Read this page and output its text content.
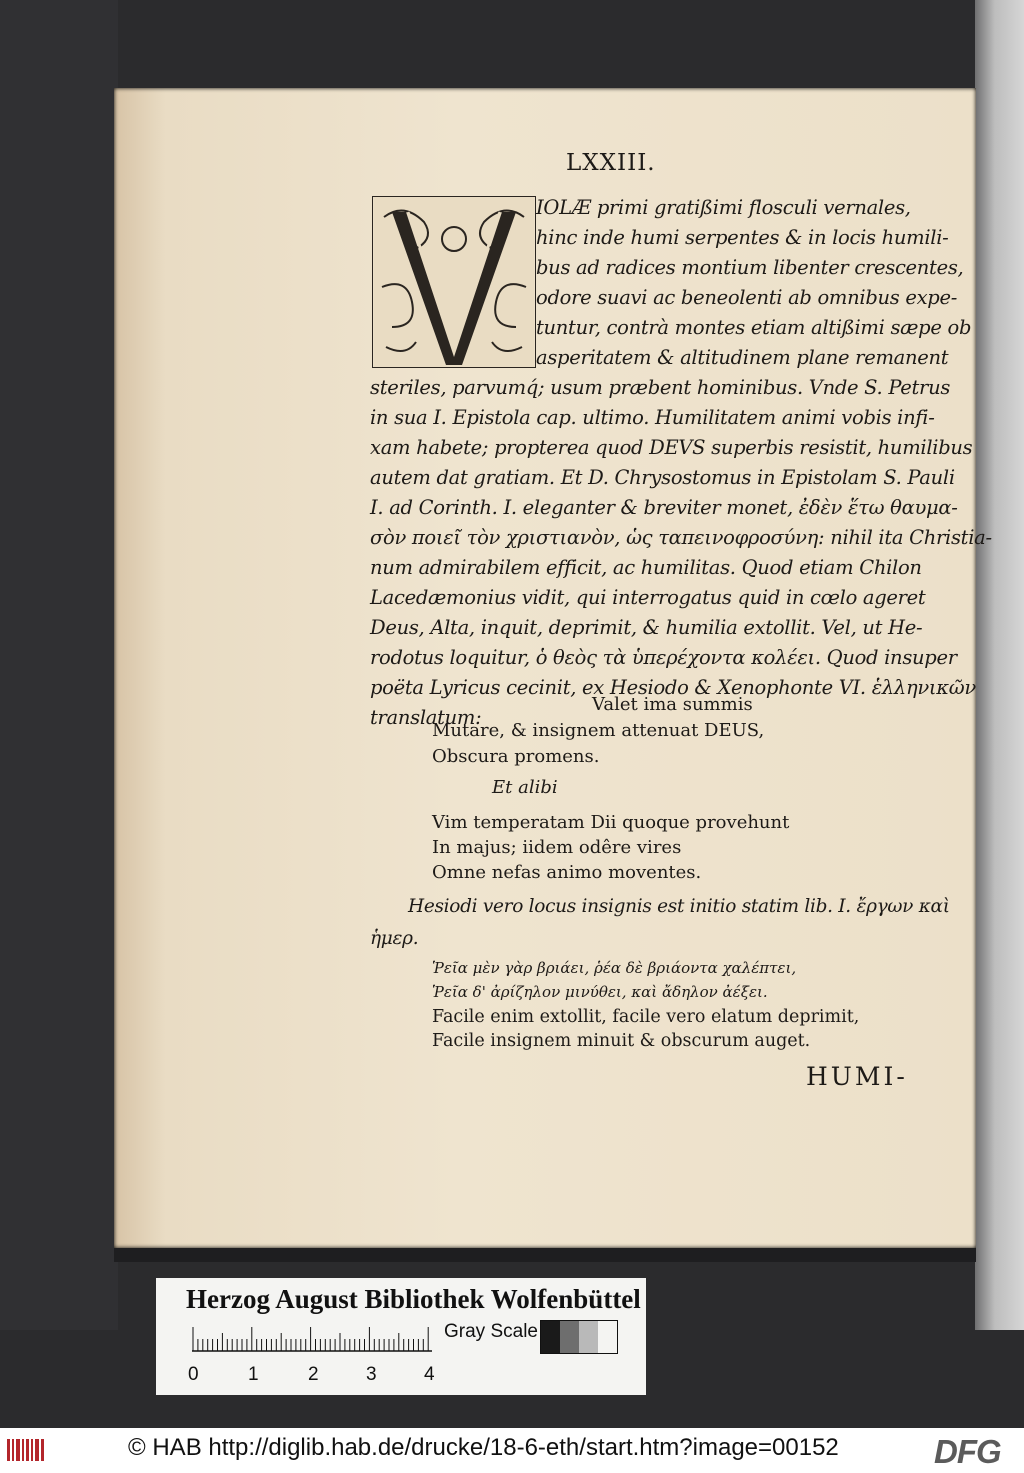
LXXIII.
IOLÆ primi gratißimi flosculi vernales,
hinc inde humi serpentes & in locis humili-
bus ad radices montium libenter crescentes,
odore suavi ac beneolenti ab omnibus expe-
tuntur, contrà montes etiam altißimi sæpe ob
asperitatem & altitudinem plane remanent
steriles, parvumq́; usum præbent hominibus. Vnde S. Petrus
in sua I. Epistola cap. ultimo. Humilitatem animi vobis infi-
xam habete; propterea quod DEVS superbis resistit, humilibus
autem dat gratiam. Et D. Chrysostomus in Epistolam S. Pauli
I. ad Corinth. I. eleganter & breviter monet, ἐδὲν ἕτω θαυμα-
σὸν ποιεῖ τὸν χριστιανὸν, ὡς ταπεινοφροσύνη: nihil ita Christia-
num admirabilem efficit, ac humilitas. Quod etiam Chilon
Lacedæmonius vidit, qui interrogatus quid in cœlo ageret
Deus, Alta, inquit, deprimit, & humilia extollit. Vel, ut He-
rodotus loquitur, ὁ θεὸς τὰ ὑπερέχοντα κολέει. Quod insuper
poëta Lyricus cecinit, ex Hesiodo & Xenophonte VI. ἑλληνικῶν
translatum:
Valet ima summis
Mutare, & insignem attenuat DEUS,
Obscura promens.
Et alibi
Vim temperatam Dii quoque provehunt
In majus; iidem odêre vires
Omne nefas animo moventes.
Hesiodi vero locus insignis est initio statim lib. I. ἔργων καὶ
ἡμερ.
Ῥεῖα μὲν γὰρ βριάει, ῥέα δὲ βριάοντα χαλέπτει,
Ῥεῖα δ' ἀρίζηλον μινύθει, καὶ ἄδηλον ἀέξει.
Facile enim extollit, facile vero elatum deprimit,
Facile insignem minuit & obscurum auget.
HUMI-
Herzog August Bibliothek Wolfenbüttel
0	1	2 3 4
Gray Scale
© HAB http://diglib.hab.de/drucke/18-6-eth/start.htm?image=00152	DFG
